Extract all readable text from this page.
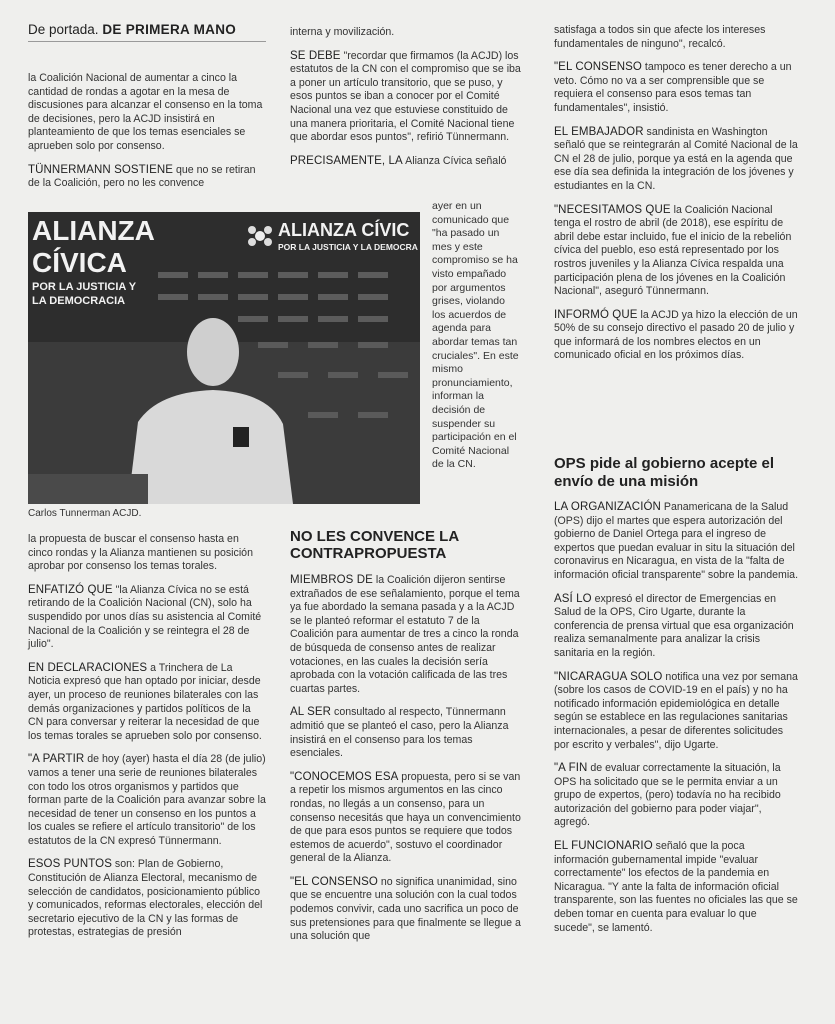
De portada. DE PRIMERA MANO

la Coalición Nacional de aumentar a cinco la cantidad de rondas a agotar en la mesa de discusiones para alcanzar el consenso en la toma de decisiones, pero la ACJD insistirá en planteamiento de que los temas esenciales se aprueben solo por consenso.

TÜNNERMANN SOSTIENE que no se retiran de la Coalición, pero no les convence

la propuesta de buscar el consenso hasta en cinco rondas y la Alianza mantienen su posición aprobar por consenso los temas torales.

ENFATIZÓ QUE "la Alianza Cívica no se está retirando de la Coalición Nacional (CN), solo ha suspendido por unos días su asistencia al Comité Nacional de la Coalición y se reintegra el 28 de julio".

EN DECLARACIONES a Trinchera de La Noticia expresó que han optado por iniciar, desde ayer, un proceso de reuniones bilaterales con las demás organizaciones y partidos políticos de la CN para conversar y reiterar la necesidad de que los temas torales se aprueben solo por consenso.

"A PARTIR de hoy (ayer) hasta el día 28 (de julio) vamos a tener una serie de reuniones bilaterales con todo los otros organismos y partidos que forman parte de la Coalición para avanzar sobre la necesidad de tener un consenso en los puntos a los cuales se refiere el artículo transitorio" de los estatutos de la CN expresó Tünnermann.

ESOS PUNTOS son: Plan de Gobierno, Constitución de Alianza Electoral, mecanismo de selección de candidatos, posicionamiento público y comunicados, reformas electorales, elección del secretario ejecutivo de la CN y las formas de protestas, estrategias de presión

ALIANZA
CÍVICA
POR LA JUSTICIA Y
LA DEMOCRACIA
ALIANZA CÍVIC
POR LA JUSTICIA Y LA DEMOCRA
Carlos Tunnerman ACJD.

interna y movilización.

SE DEBE "recordar que firmamos (la ACJD) los estatutos de la CN con el compromiso que se iba a poner un artículo transitorio, que se puso, y esos puntos se iban a conocer por el Comité Nacional una vez que estuviese constituido de una manera prioritaria, el Comité Nacional tiene que abordar esos puntos", refirió Tünnermann.

PRECISAMENTE, LA Alianza Cívica señaló

NO LES CONVENCE LA CONTRAPROPUESTA

MIEMBROS DE la Coalición dijeron sentirse extrañados de ese señalamiento, porque el tema ya fue abordado la semana pasada y a la ACJD se le planteó reformar el estatuto 7 de la Coalición para aumentar de tres a cinco la ronda de búsqueda de consenso antes de realizar votaciones, en las cuales la decisión sería aprobada con la votación calificada de las tres cuartas partes.

AL SER consultado al respecto, Tünnermann admitió que se planteó el caso, pero la Alianza insistirá en el consenso para los temas esenciales.

"CONOCEMOS ESA propuesta, pero si se van a repetir los mismos argumentos en las cinco rondas, no llegás a un consenso, para un consenso necesitás que haya un convencimiento de que para esos puntos se requiere que todos estemos de acuerdo", sostuvo el coordinador general de la Alianza.

"EL CONSENSO no significa unanimidad, sino que se encuentre una solución con la cual todos podemos convivir, cada uno sacrifica un poco de sus pretensiones para que finalmente se llegue a una solución que

ayer en un comunicado que "ha pasado un mes y este compromiso se ha visto empañado por argumentos grises, violando los acuerdos de agenda para abordar temas tan cruciales". En este mismo pronunciamiento, informan la decisión de suspender su participación en el Comité Nacional de la CN.

satisfaga a todos sin que afecte los intereses fundamentales de ninguno", recalcó.

"EL CONSENSO tampoco es tener derecho a un veto. Cómo no va a ser comprensible que se requiera el consenso para esos temas tan fundamentales", insistió.

EL EMBAJADOR sandinista en Washington señaló que se reintegrarán al Comité Nacional de la CN el 28 de julio, porque ya está en la agenda que ese día sea definida la integración de los jóvenes y estudiantes en la CN.

"NECESITAMOS QUE la Coalición Nacional tenga el rostro de abril (de 2018), ese espíritu de abril debe estar incluido, fue el inicio de la rebelión cívica del pueblo, eso está representado por los rostros juveniles y la Alianza Cívica respalda una participación plena de los jóvenes en la Coalición Nacional", aseguró Tünnermann.

INFORMÓ QUE la ACJD ya hizo la elección de un 50% de su consejo directivo el pasado 20 de julio y que informará de los nombres electos en un comunicado oficial en los próximos días.

OPS pide al gobierno acepte el envío de una misión

LA ORGANIZACIÓN Panamericana de la Salud (OPS) dijo el martes que espera autorización del gobierno de Daniel Ortega para el ingreso de expertos que puedan evaluar in situ la situación del coronavirus en Nicaragua, en vista de la "falta de información oficial transparente" sobre la pandemia.

ASÍ LO expresó el director de Emergencias en Salud de la OPS, Ciro Ugarte, durante la conferencia de prensa virtual que esa organización realiza semanalmente para analizar la crisis sanitaria en la región.

"NICARAGUA SOLO notifica una vez por semana (sobre los casos de COVID-19 en el país) y no ha notificado información epidemiológica en detalle según se establece en las regulaciones sanitarias internacionales, a pesar de diferentes solicitudes por escrito y verbales", dijo Ugarte.

"A FIN de evaluar correctamente la situación, la OPS ha solicitado que se le permita enviar a un grupo de expertos, (pero) todavía no ha recibido autorización del gobierno para poder viajar", agregó.

EL FUNCIONARIO señaló que la poca información gubernamental impide "evaluar correctamente" los efectos de la pandemia en Nicaragua. "Y ante la falta de información oficial transparente, son las fuentes no oficiales las que se deben tomar en cuenta para evaluar lo que sucede", se lamentó.
